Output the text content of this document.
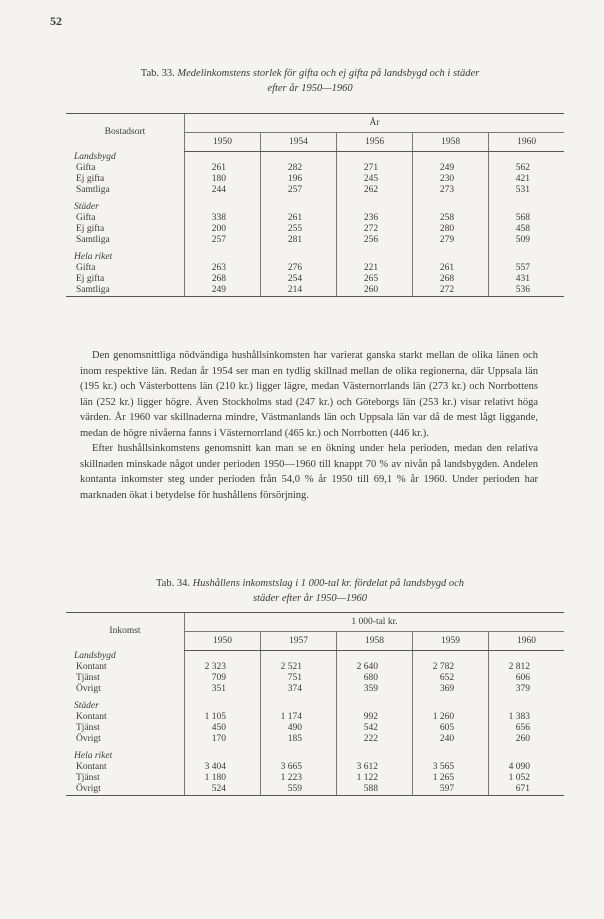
52
Tab. 33. Medelinkomstens storlek för gifta och ej gifta på landsbygd och i städer
efter år 1950—1960
Bostadsort	År				
	1950	1954	1956	1958	1960
Landsbygd					
Gifta	261	282	271	249	562
Ej gifta	180	196	245	230	421
Samtliga	244	257	262	273	531

Städer					
Gifta	338	261	236	258	568
Ej gifta	200	255	272	280	458
Samtliga	257	281	256	279	509

Hela riket					
Gifta	263	276	221	261	557
Ej gifta	268	254	265	268	431
Samtliga	249	214	260	272	536

Den genomsnittliga nödvändiga hushållsinkomsten har varierat ganska starkt mellan de olika länen och inom respektive län. Redan år 1954 ser man en tydlig skillnad mellan de olika regionerna, där Uppsala län (195 kr.) och Västerbottens län (210 kr.) ligger lägre, medan Västernorrlands län (273 kr.) och Norrbottens län (252 kr.) ligger högre. Även Stockholms stad (247 kr.) och Göteborgs län (253 kr.) visar relativt höga värden. År 1960 var skillnaderna mindre, Västmanlands län och Uppsala län var då de mest lågt liggande, medan de högre nivåerna fanns i Västernorrland (465 kr.) och Norrbotten (446 kr.).

Efter hushållsinkomstens genomsnitt kan man se en ökning under hela perioden, medan den relativa skillnaden minskade något under perioden 1950—1960 till knappt 70 % av nivån på landsbygden. Andelen kontanta inkomster steg under perioden från 54,0 % år 1950 till 69,1 % år 1960. Under perioden har marknaden ökat i betydelse för hushållens försörjning.

Tab. 34. Hushållens inkomstslag i 1 000-tal kr. fördelat på landsbygd och
städer efter år 1950—1960
Inkomst	1 000-tal kr.				
	1950	1957	1958	1959	1960
Landsbygd					
Kontant	2 323	2 521	2 640	2 782	2 812
Tjänst	709	751	680	652	606
Övrigt	351	374	359	369	379

Städer					
Kontant	1 105	1 174	992	1 260	1 383
Tjänst	450	490	542	605	656
Övrigt	170	185	222	240	260

Hela riket					
Kontant	3 404	3 665	3 612	3 565	4 090
Tjänst	1 180	1 223	1 122	1 265	1 052
Övrigt	524	559	588	597	671
